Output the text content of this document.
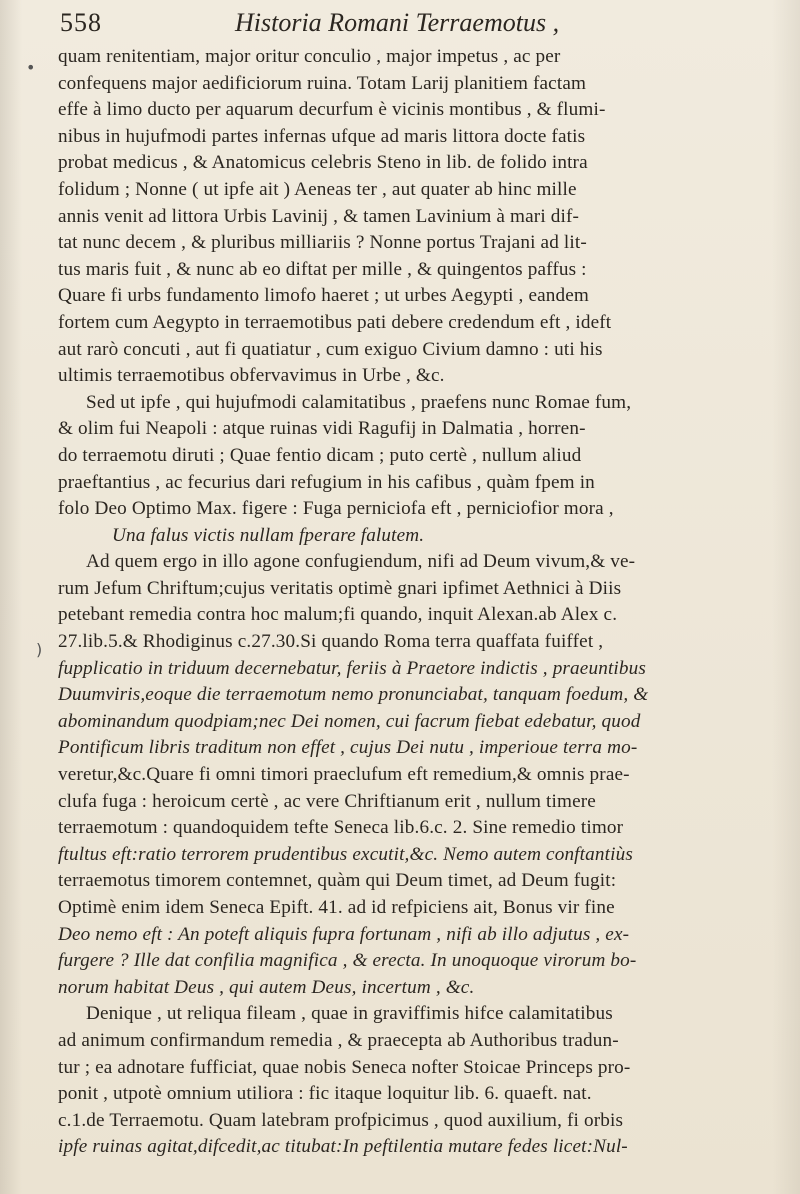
•
)
558	Historia Romani Terraemotus ,
quam renitentiam, major oritur conculio , major impetus , ac per
confequens major aedificiorum ruina. Totam Larij planitiem factam
effe à limo ducto per aquarum decurfum è vicinis montibus , & flumi-
nibus in hujufmodi partes infernas ufque ad maris littora docte fatis
probat medicus , & Anatomicus celebris Steno in lib. de folido intra
folidum ; Nonne ( ut ipfe ait ) Aeneas ter , aut quater ab hinc mille
annis venit ad littora Urbis Lavinij , & tamen Lavinium à mari dif-
tat nunc decem , & pluribus milliariis ? Nonne portus Trajani ad lit-
tus maris fuit , & nunc ab eo diftat per mille , & quingentos paffus :
Quare fi urbs fundamento limofo haeret ; ut urbes Aegypti , eandem
fortem cum Aegypto in terraemotibus pati debere credendum eft , ideft
aut rarò concuti , aut fi quatiatur , cum exiguo Civium damno : uti his
ultimis terraemotibus obfervavimus in Urbe , &c.
Sed ut ipfe , qui hujufmodi calamitatibus , praefens nunc Romae fum,
& olim fui Neapoli : atque ruinas vidi Ragufij in Dalmatia , horren-
do terraemotu diruti ; Quae fentio dicam ; puto certè , nullum aliud
praeftantius , ac fecurius dari refugium in his cafibus , quàm fpem in
folo Deo Optimo Max. figere : Fuga perniciofa eft , perniciofior mora ,
Una falus victis nullam fperare falutem.
Ad quem ergo in illo agone confugiendum, nifi ad Deum vivum,& ve-
rum Jefum Chriftum;cujus veritatis optimè gnari ipfimet Aethnici à Diis
petebant remedia contra hoc malum;fi quando, inquit Alexan.ab Alex c.
27.lib.5.& Rhodiginus c.27.30.Si quando Roma terra quaffata fuiffet ,
fupplicatio in triduum decernebatur, feriis à Praetore indictis , praeuntibus
Duumviris,eoque die terraemotum nemo pronunciabat, tanquam foedum, &
abominandum quodpiam;nec Dei nomen, cui facrum fiebat edebatur, quod
Pontificum libris traditum non effet , cujus Dei nutu , imperioue terra mo-
veretur,&c.Quare fi omni timori praeclufum eft remedium,& omnis prae-
clufa fuga : heroicum certè , ac vere Chriftianum erit , nullum timere
terraemotum : quandoquidem tefte Seneca lib.6.c. 2. Sine remedio timor
ftultus eft:ratio terrorem prudentibus excutit,&c. Nemo autem conftantiùs
terraemotus timorem contemnet, quàm qui Deum timet, ad Deum fugit:
Optimè enim idem Seneca Epift. 41. ad id refpiciens ait, Bonus vir fine
Deo nemo eft : An poteft aliquis fupra fortunam , nifi ab illo adjutus , ex-
furgere ? Ille dat confilia magnifica , & erecta. In unoquoque virorum bo-
norum habitat Deus , qui autem Deus, incertum , &c.
Denique , ut reliqua fileam , quae in graviffimis hifce calamitatibus
ad animum confirmandum remedia , & praecepta ab Authoribus tradun-
tur ; ea adnotare fufficiat, quae nobis Seneca nofter Stoicae Princeps pro-
ponit , utpotè omnium utiliora : fic itaque loquitur lib. 6. quaeft. nat.
c.1.de Terraemotu. Quam latebram profpicimus , quod auxilium, fi orbis
ipfe ruinas agitat,difcedit,ac titubat:In peftilentia mutare fedes licet:Nul-
